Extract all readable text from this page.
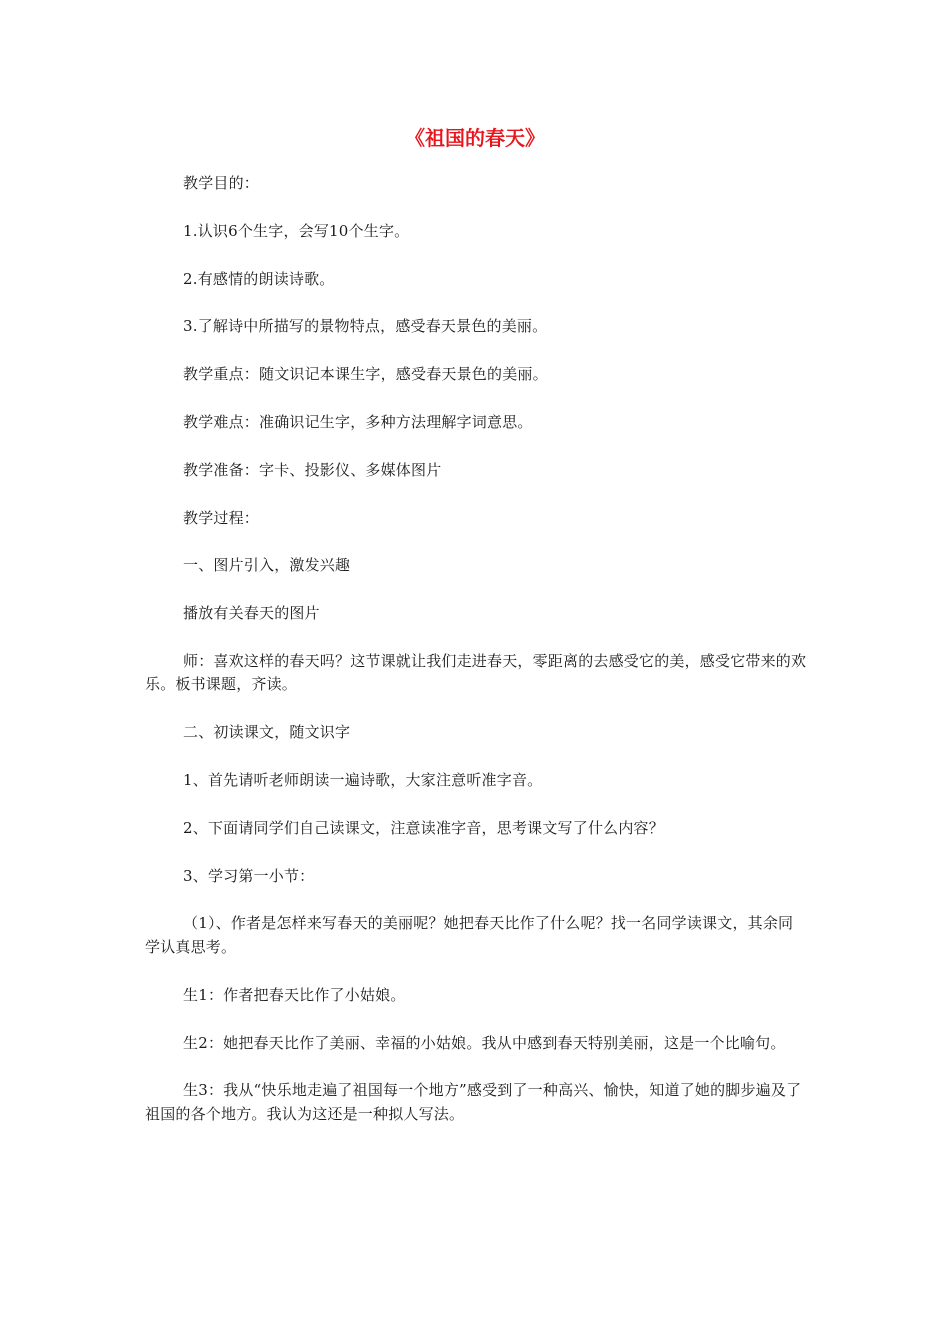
《祖国的春天》

教学目的：

1.认识6个生字，会写10个生字。

2.有感情的朗读诗歌。

3.了解诗中所描写的景物特点，感受春天景色的美丽。

教学重点：随文识记本课生字，感受春天景色的美丽。

教学难点：准确识记生字，多种方法理解字词意思。

教学准备：字卡、投影仪、多媒体图片

教学过程：

一、图片引入，激发兴趣

播放有关春天的图片

师：喜欢这样的春天吗？这节课就让我们走进春天，零距离的去感受它的美，感受它带来的欢乐。板书课题，齐读。

二、初读课文，随文识字

1、首先请听老师朗读一遍诗歌，大家注意听准字音。

2、下面请同学们自己读课文，注意读准字音，思考课文写了什么内容？

3、学习第一小节：

（1）、作者是怎样来写春天的美丽呢？她把春天比作了什么呢？找一名同学读课文，其余同学认真思考。

生1：作者把春天比作了小姑娘。

生2：她把春天比作了美丽、幸福的小姑娘。我从中感到春天特别美丽，这是一个比喻句。

生3：我从“快乐地走遍了祖国每一个地方”感受到了一种高兴、愉快，知道了她的脚步遍及了祖国的各个地方。我认为这还是一种拟人写法。
